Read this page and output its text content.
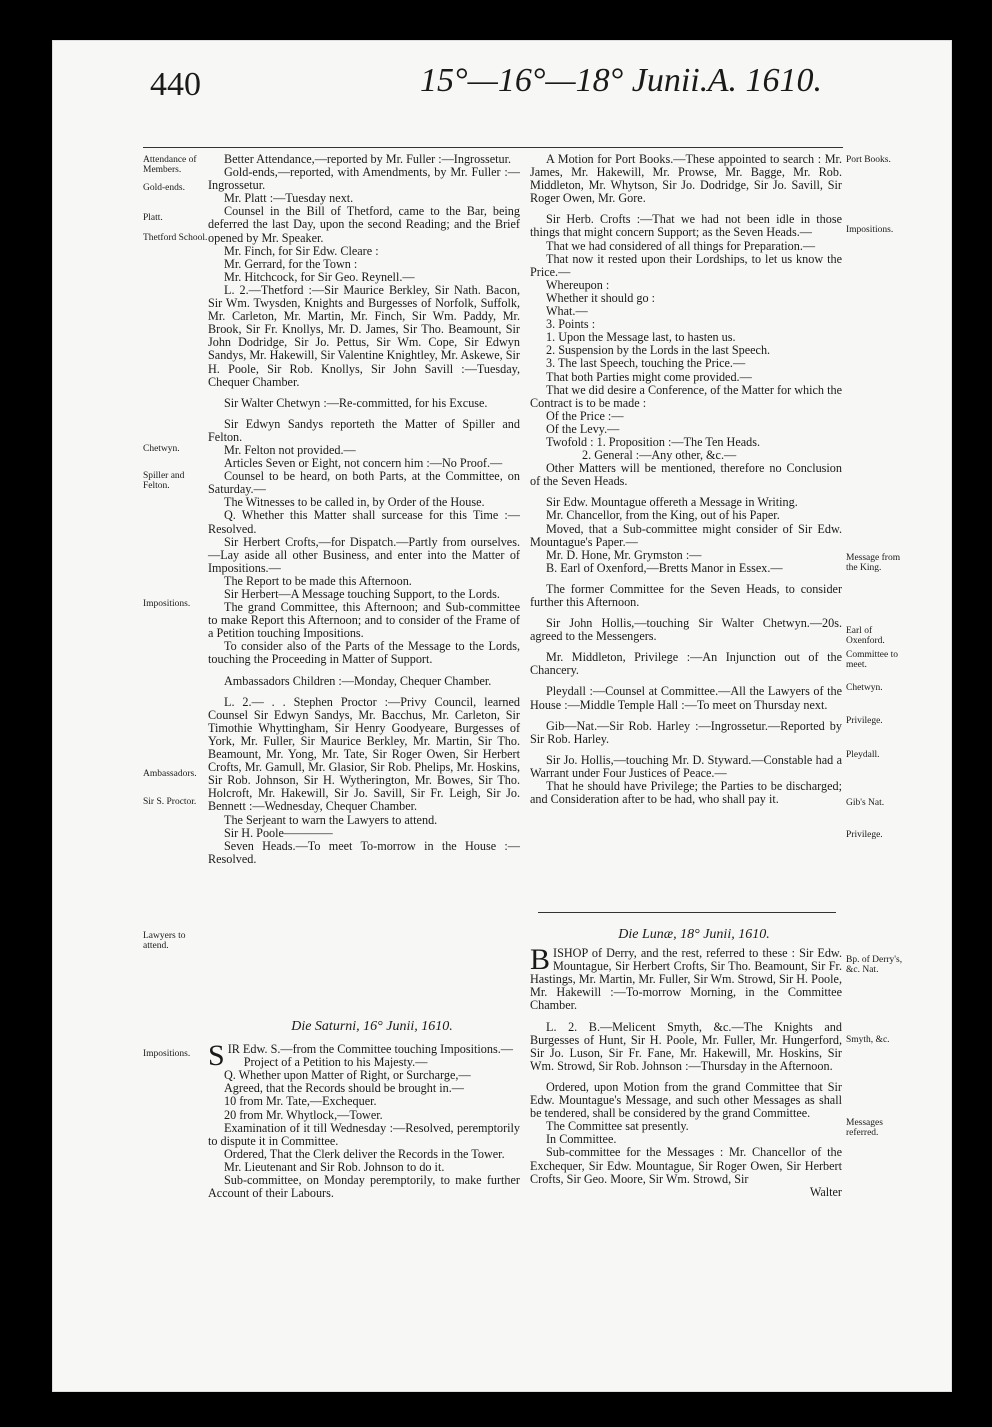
440	15°—16°—18° Junii. A. 1610.
Attendance of Members.
Gold-ends.
Platt.
Thetford School.
Chetwyn.
Spiller and Felton.
Impositions.
Ambassadors.
Sir S. Proctor.
Lawyers to attend.
Impositions.
Port Books.
Impositions.
Message from the King.
Earl of Oxenford.
Committee to meet.
Chetwyn.
Privilege.
Pleydall.
Gib's Nat.
Privilege.
Bp. of Derry's, &c. Nat.
Smyth, &c.
Messages referred.

Better Attendance,—reported by Mr. Fuller :—Ingrossetur.

Gold-ends,—reported, with Amendments, by Mr. Fuller :—Ingrossetur.

Mr. Platt :—Tuesday next.

Counsel in the Bill of Thetford, came to the Bar, being deferred the last Day, upon the second Reading; and the Brief opened by Mr. Speaker.

Mr. Finch, for Sir Edw. Cleare :

Mr. Gerrard, for the Town :

Mr. Hitchcock, for Sir Geo. Reynell.—

L. 2.—Thetford :—Sir Maurice Berkley, Sir Nath. Bacon, Sir Wm. Twysden, Knights and Burgesses of Norfolk, Suffolk, Mr. Carleton, Mr. Martin, Mr. Finch, Sir Wm. Paddy, Mr. Brook, Sir Fr. Knollys, Mr. D. James, Sir Tho. Beamount, Sir John Dodridge, Sir Jo. Pettus, Sir Wm. Cope, Sir Edwyn Sandys, Mr. Hakewill, Sir Valentine Knightley, Mr. Askewe, Sir H. Poole, Sir Rob. Knollys, Sir John Savill :—Tuesday, Chequer Chamber.

Sir Walter Chetwyn :—Re-committed, for his Excuse.

Sir Edwyn Sandys reporteth the Matter of Spiller and Felton.

Mr. Felton not provided.—

Articles Seven or Eight, not concern him :—No Proof.—

Counsel to be heard, on both Parts, at the Committee, on Saturday.—

The Witnesses to be called in, by Order of the House.

Q. Whether this Matter shall surcease for this Time :—Resolved.

Sir Herbert Crofts,—for Dispatch.—Partly from ourselves.—Lay aside all other Business, and enter into the Matter of Impositions.—

The Report to be made this Afternoon.

Sir Herbert—A Message touching Support, to the Lords.

The grand Committee, this Afternoon; and Sub-committee to make Report this Afternoon; and to consider of the Frame of a Petition touching Impositions.

To consider also of the Parts of the Message to the Lords, touching the Proceeding in Matter of Support.

Ambassadors Children :—Monday, Chequer Chamber.

L. 2.— . . Stephen Proctor :—Privy Council, learned Counsel Sir Edwyn Sandys, Mr. Bacchus, Mr. Carleton, Sir Timothie Whyttingham, Sir Henry Goodyeare, Burgesses of York, Mr. Fuller, Sir Maurice Berkley, Mr. Martin, Sir Tho. Beamount, Mr. Yong, Mr. Tate, Sir Roger Owen, Sir Herbert Crofts, Mr. Gamull, Mr. Glasior, Sir Rob. Phelips, Mr. Hoskins, Sir Rob. Johnson, Sir H. Wytherington, Mr. Bowes, Sir Tho. Holcroft, Mr. Hakewill, Sir Jo. Savill, Sir Fr. Leigh, Sir Jo. Bennett :—Wednesday, Chequer Chamber.

The Serjeant to warn the Lawyers to attend.

Sir H. Poole————

Seven Heads.—To meet To-morrow in the House :—Resolved.

Die Saturni, 16° Junii, 1610.

SIR Edw. S.—from the Committee touching Impositions.—

Project of a Petition to his Majesty.—

Q. Whether upon Matter of Right, or Surcharge,—

Agreed, that the Records should be brought in.—

10 from Mr. Tate,—Exchequer.

20 from Mr. Whytlock,—Tower.

Examination of it till Wednesday :—Resolved, peremptorily to dispute it in Committee.

Ordered, That the Clerk deliver the Records in the Tower.

Mr. Lieutenant and Sir Rob. Johnson to do it.

Sub-committee, on Monday peremptorily, to make further Account of their Labours.

A Motion for Port Books.—These appointed to search : Mr. James, Mr. Hakewill, Mr. Prowse, Mr. Bagge, Mr. Rob. Middleton, Mr. Whytson, Sir Jo. Dodridge, Sir Jo. Savill, Sir Roger Owen, Mr. Gore.

Sir Herb. Crofts :—That we had not been idle in those things that might concern Support; as the Seven Heads.—

That we had considered of all things for Preparation.—

That now it rested upon their Lordships, to let us know the Price.—

Whereupon :

Whether it should go :

What.—

3. Points :

1. Upon the Message last, to hasten us.

2. Suspension by the Lords in the last Speech.

3. The last Speech, touching the Price.—

That both Parties might come provided.—

That we did desire a Conference, of the Matter for which the Contract is to be made :

Of the Price :—

Of the Levy.—

Twofold : 1. Proposition :—The Ten Heads.

2. General :—Any other, &c.—

Other Matters will be mentioned, therefore no Conclusion of the Seven Heads.

Sir Edw. Mountague offereth a Message in Writing.

Mr. Chancellor, from the King, out of his Paper.

Moved, that a Sub-committee might consider of Sir Edw. Mountague's Paper.—

Mr. D. Hone, Mr. Grymston :—

B. Earl of Oxenford,—Bretts Manor in Essex.—

The former Committee for the Seven Heads, to consider further this Afternoon.

Sir John Hollis,—touching Sir Walter Chetwyn.—20s. agreed to the Messengers.

Mr. Middleton, Privilege :—An Injunction out of the Chancery.

Pleydall :—Counsel at Committee.—All the Lawyers of the House :—Middle Temple Hall :—To meet on Thursday next.

Gib—Nat.—Sir Rob. Harley :—Ingrossetur.—Reported by Sir Rob. Harley.

Sir Jo. Hollis,—touching Mr. D. Styward.—Constable had a Warrant under Four Justices of Peace.—

That he should have Privilege; the Parties to be discharged; and Consideration after to be had, who shall pay it.

Die Lunæ, 18° Junii, 1610.

BISHOP of Derry, and the rest, referred to these : Sir Edw. Mountague, Sir Herbert Crofts, Sir Tho. Beamount, Sir Fr. Hastings, Mr. Martin, Mr. Fuller, Sir Wm. Strowd, Sir H. Poole, Mr. Hakewill :—To-morrow Morning, in the Committee Chamber.

L. 2. B.—Melicent Smyth, &c.—The Knights and Burgesses of Hunt, Sir H. Poole, Mr. Fuller, Mr. Hungerford, Sir Jo. Luson, Sir Fr. Fane, Mr. Hakewill, Mr. Hoskins, Sir Wm. Strowd, Sir Rob. Johnson :—Thursday in the Afternoon.

Ordered, upon Motion from the grand Committee that Sir Edw. Mountague's Message, and such other Messages as shall be tendered, shall be considered by the grand Committee.

The Committee sat presently.

In Committee.

Sub-committee for the Messages : Mr. Chancellor of the Exchequer, Sir Edw. Mountague, Sir Roger Owen, Sir Herbert Crofts, Sir Geo. Moore, Sir Wm. Strowd, Sir

Walter
